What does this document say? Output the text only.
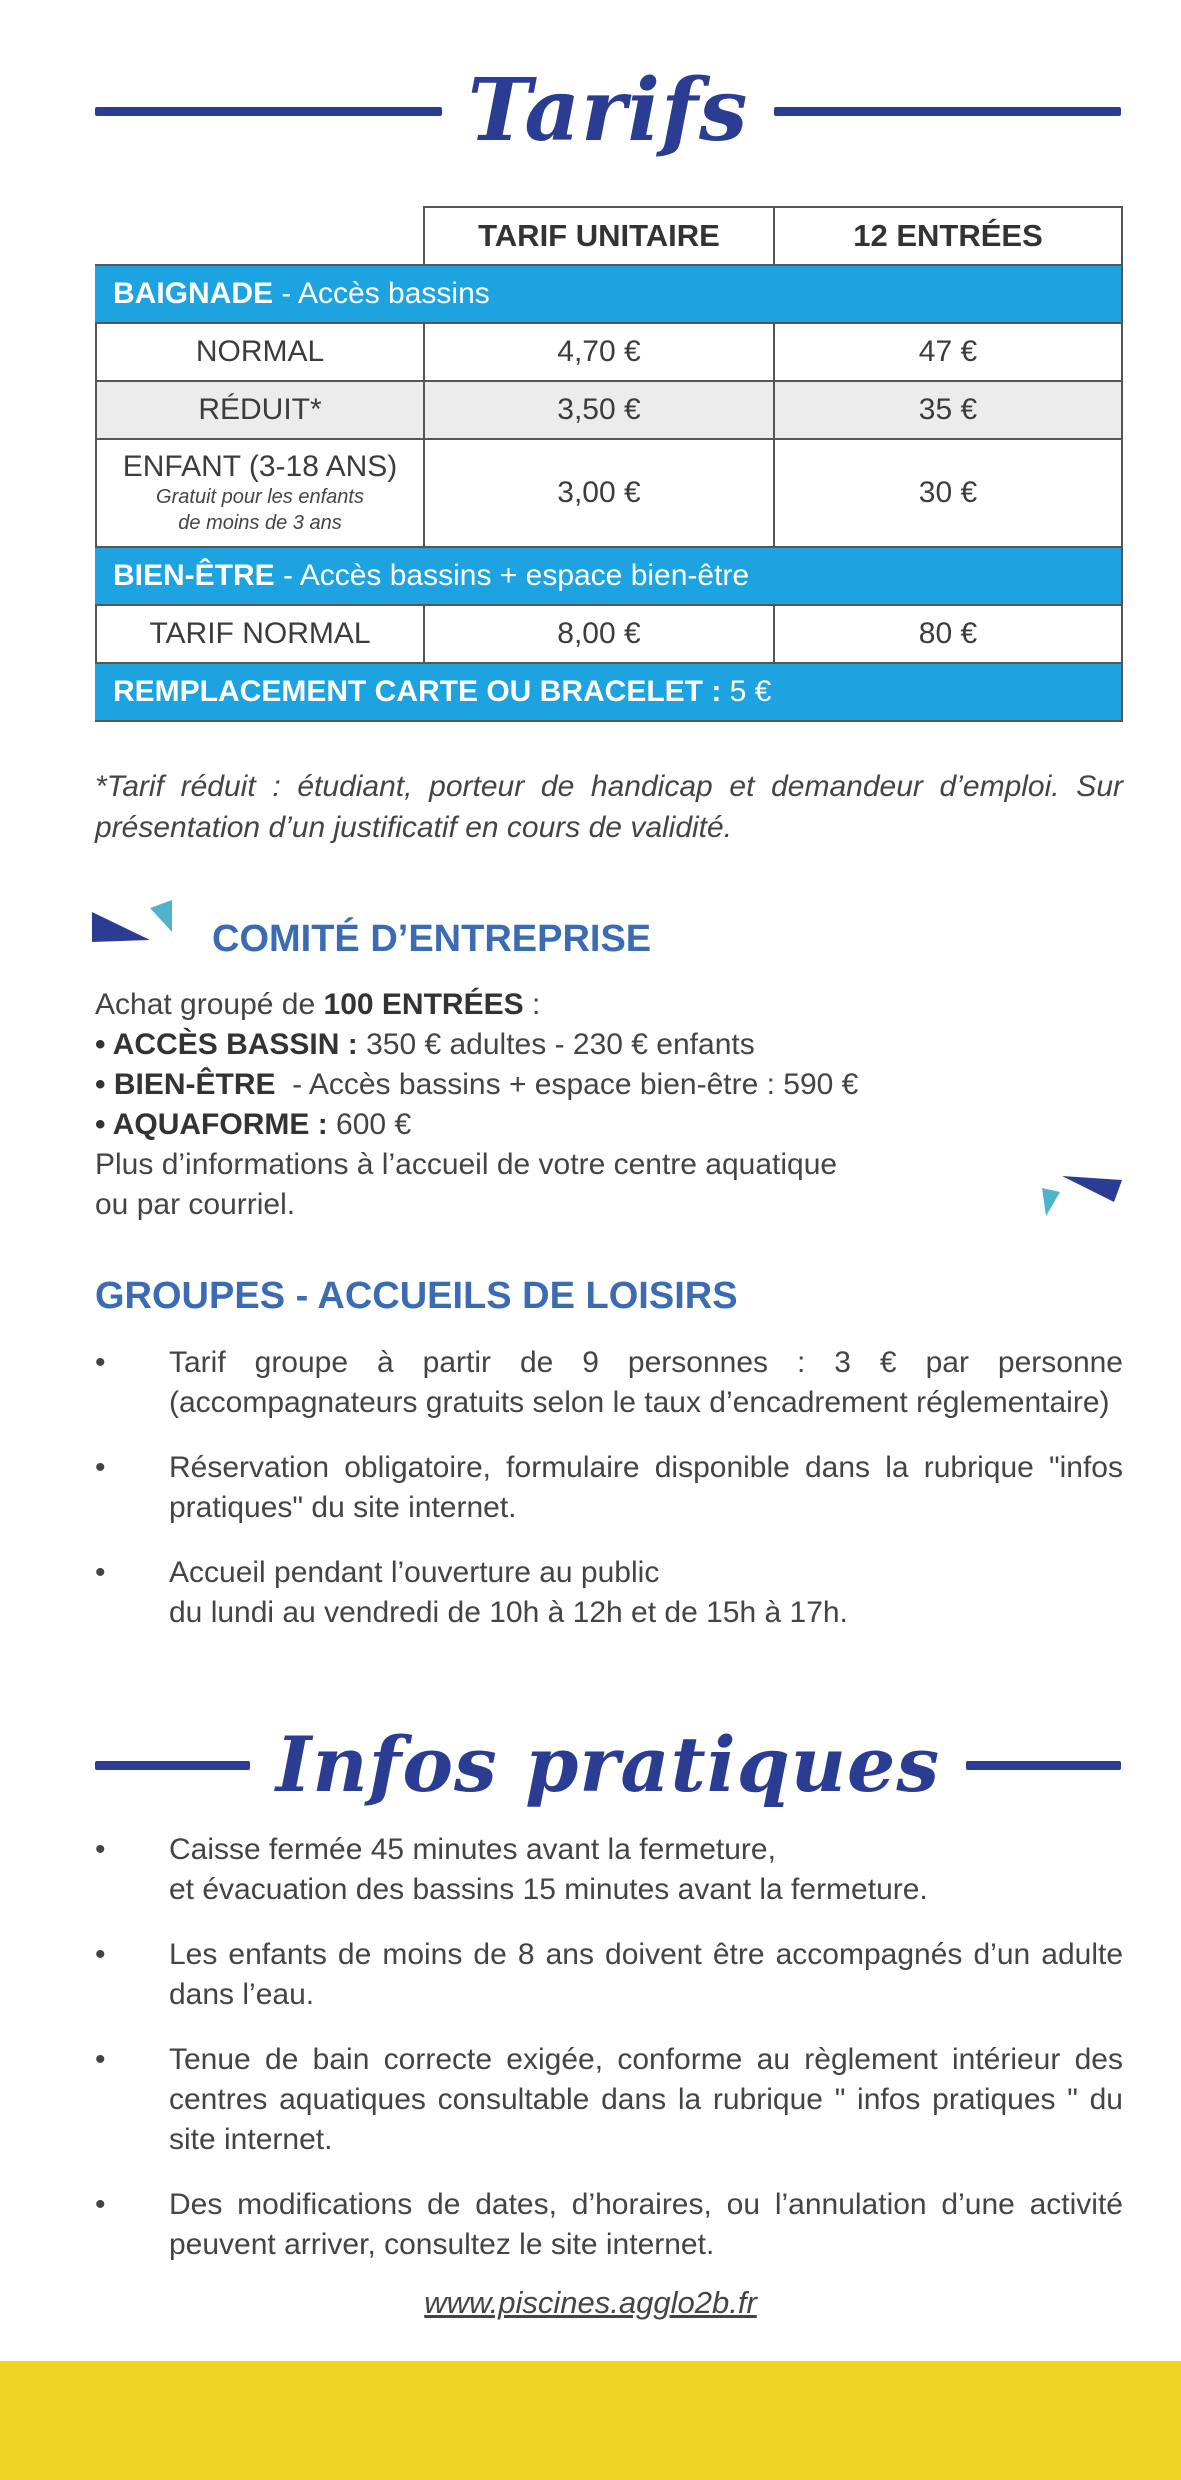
Tarifs
	TARIF UNITAIRE	12 ENTRÉES
BAIGNADE - Accès bassins		
NORMAL	4,70 €	47 €
RÉDUIT*	3,50 €	35 €
ENFANT (3-18 ANS)
Gratuit pour les enfants
de moins de 3 ans	3,00 €	30 €
BIEN-ÊTRE - Accès bassins + espace bien-être		
TARIF NORMAL	8,00 €	80 €
REMPLACEMENT CARTE OU BRACELET : 5 €		
*Tarif réduit : étudiant, porteur de handicap et demandeur d’emploi. Sur présentation d’un justificatif en cours de validité.
COMITÉ D’ENTREPRISE

Achat groupé de 100 ENTRÉES :

• ACCÈS BASSIN : 350 € adultes - 230 € enfants

• BIEN-ÊTRE  - Accès bassins + espace bien-être : 590 €

• AQUAFORME : 600 €

Plus d’informations à l’accueil de votre centre aquatique

ou par courriel.

GROUPES - ACCUEILS DE LOISIRS
• Tarif groupe à partir de 9 personnes : 3 € par personne (accompagnateurs gratuits selon le taux d’encadrement réglementaire)
• Réservation obligatoire, formulaire disponible dans la rubrique "infos pratiques" du site internet.
• Accueil pendant l’ouverture au public
du lundi au vendredi de 10h à 12h et de 15h à 17h.
Infos pratiques
• Caisse fermée 45 minutes avant la fermeture,
et évacuation des bassins 15 minutes avant la fermeture.
• Les enfants de moins de 8 ans doivent être accompagnés d’un adulte dans l’eau.
• Tenue de bain correcte exigée, conforme au règlement intérieur des centres aquatiques consultable dans la rubrique " infos pratiques " du site internet.
• Des modifications de dates, d’horaires, ou l’annulation d’une activité peuvent arriver, consultez le site internet.
www.piscines.agglo2b.fr
